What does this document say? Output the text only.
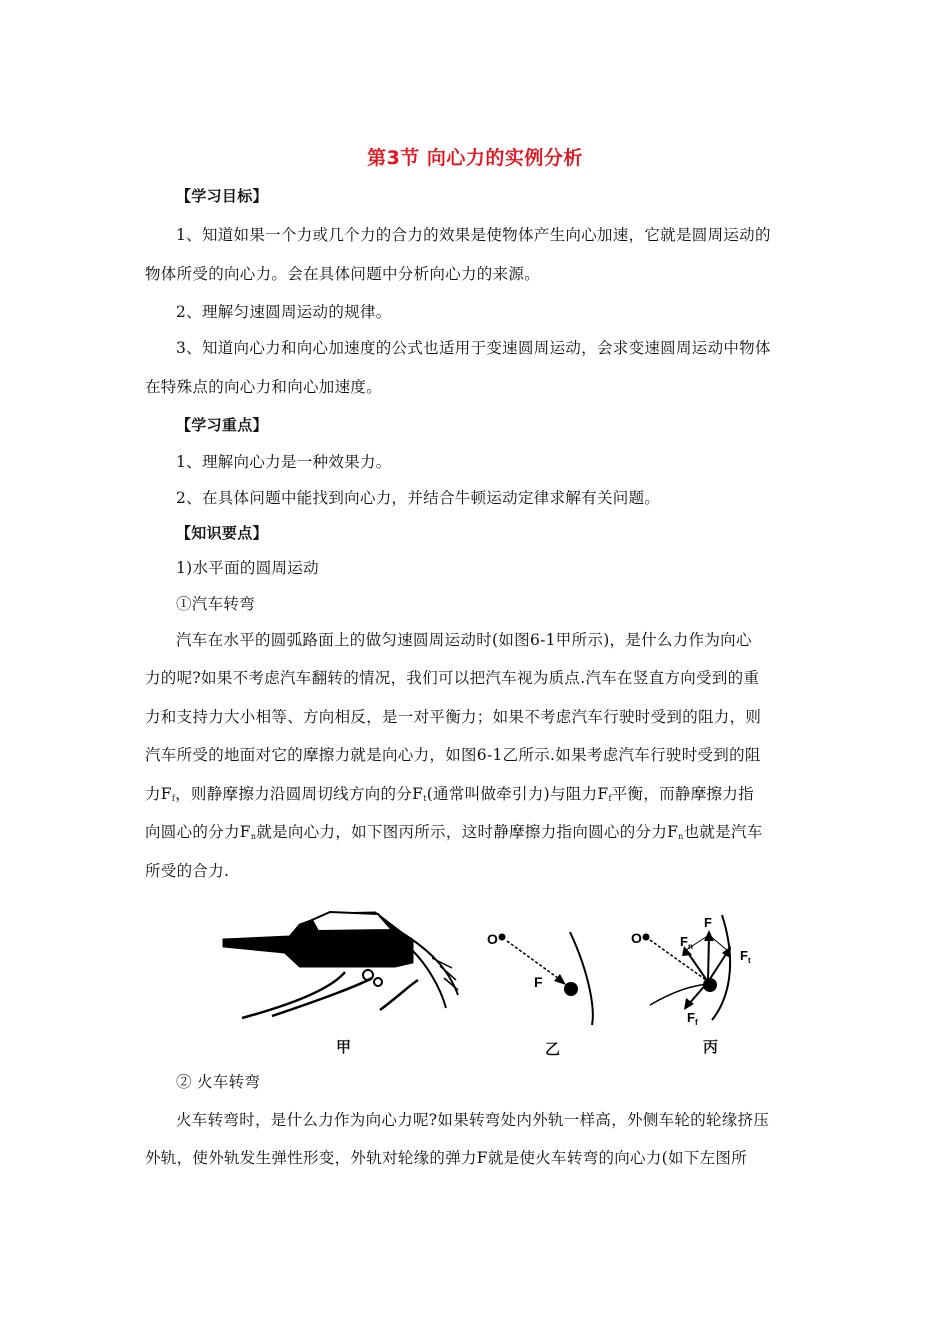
第3节 向心力的实例分析
【学习目标】
1、知道如果一个力或几个力的合力的效果是使物体产生向心加速，它就是圆周运动的
物体所受的向心力。会在具体问题中分析向心力的来源。
2、理解匀速圆周运动的规律。
3、知道向心力和向心加速度的公式也适用于变速圆周运动，会求变速圆周运动中物体
在特殊点的向心力和向心加速度。
【学习重点】
1、理解向心力是一种效果力。
2、在具体问题中能找到向心力，并结合牛顿运动定律求解有关问题。
【知识要点】
1)水平面的圆周运动
①汽车转弯
汽车在水平的圆弧路面上的做匀速圆周运动时(如图6-1甲所示)，是什么力作为向心
力的呢?如果不考虑汽车翻转的情况，我们可以把汽车视为质点.汽车在竖直方向受到的重
力和支持力大小相等、方向相反，是一对平衡力；如果不考虑汽车行驶时受到的阻力，则
汽车所受的地面对它的摩擦力就是向心力，如图6-1乙所示.如果考虑汽车行驶时受到的阻
力$F_f$，则静摩擦力沿圆周切线方向的分$F_t$(通常叫做牵引力)与阻力$F_f$平衡，而静摩擦力指
向圆心的分力$F_n$就是向心力，如下图丙所示，这时静摩擦力指向圆心的分力$F_n$也就是汽车
所受的合力.
O
F
O
F
$F_n$
$F_t$
$F_f$
甲	乙	丙
② 火车转弯
火车转弯时，是什么力作为向心力呢?如果转弯处内外轨一样高，外侧车轮的轮缘挤压
外轨，使外轨发生弹性形变，外轨对轮缘的弹力F就是使火车转弯的向心力(如下左图所
